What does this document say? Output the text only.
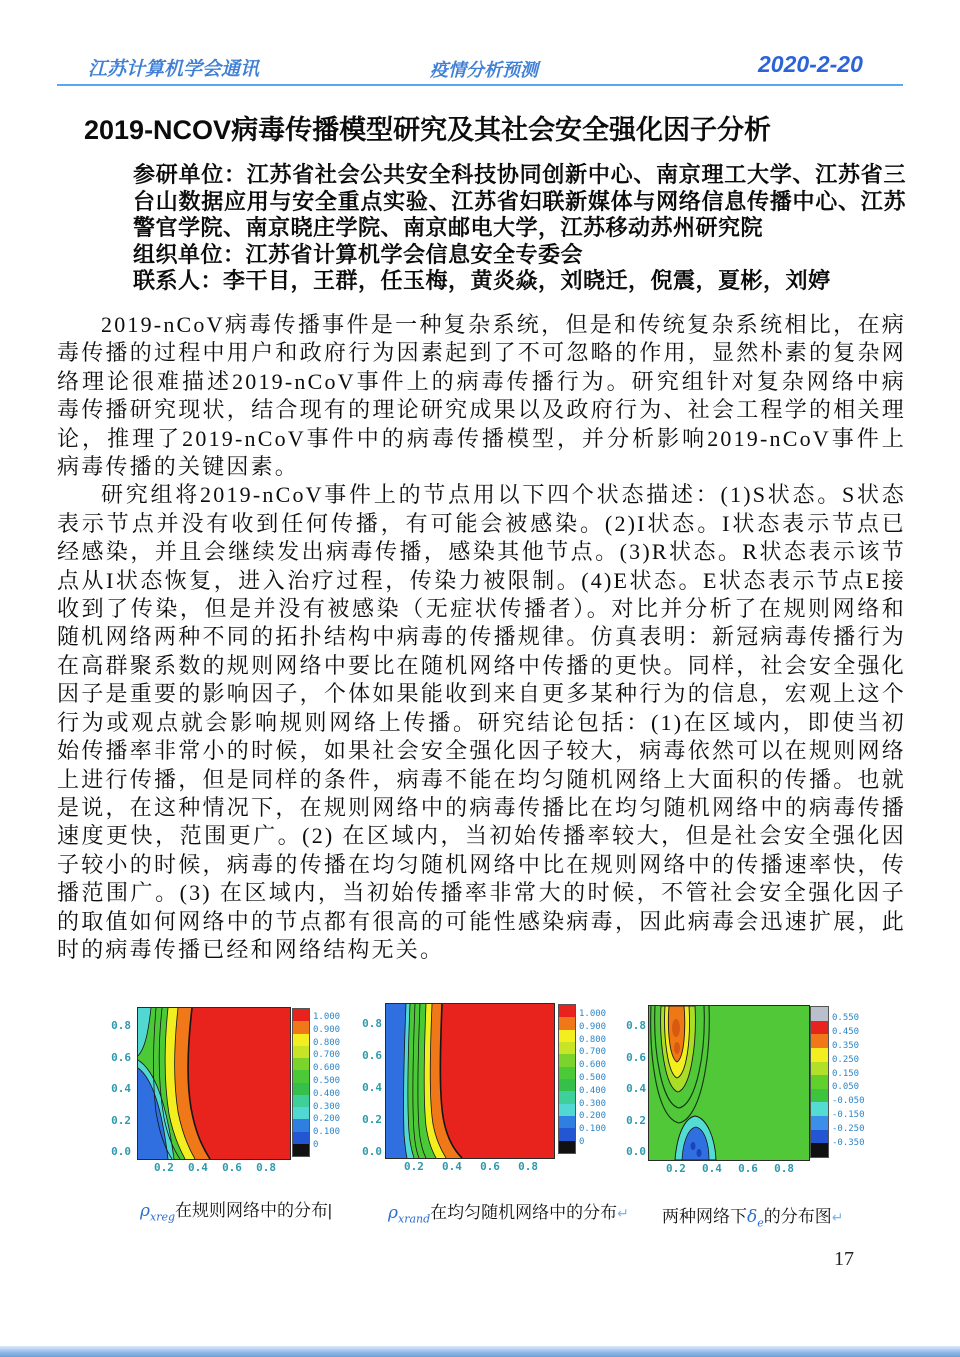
江苏计算机学会通讯	疫情分析预测	2020-2-20
2019-NCOV病毒传播模型研究及其社会安全强化因子分析

参研单位：江苏省社会公共安全科技协同创新中心、南京理工大学、江苏省三台山数据应用与安全重点实验、江苏省妇联新媒体与网络信息传播中心、江苏警官学院、南京晓庄学院、南京邮电大学，江苏移动苏州研究院

组织单位：江苏省计算机学会信息安全专委会

联系人：李干目，王群，任玉梅，黄炎焱，刘晓迁，倪震，夏彬，刘婷

2019-nCoV病毒传播事件是一种复杂系统，但是和传统复杂系统相比，在病毒传播的过程中用户和政府行为因素起到了不可忽略的作用，显然朴素的复杂网络理论很难描述2019-nCoV事件上的病毒传播行为。研究组针对复杂网络中病毒传播研究现状，结合现有的理论研究成果以及政府行为、社会工程学的相关理论，推理了2019-nCoV事件中的病毒传播模型，并分析影响2019-nCoV事件上病毒传播的关键因素。

研究组将2019-nCoV事件上的节点用以下四个状态描述：(1)S状态。S状态表示节点并没有收到任何传播，有可能会被感染。(2)I状态。I状态表示节点已经感染，并且会继续发出病毒传播，感染其他节点。(3)R状态。R状态表示该节点从I状态恢复，进入治疗过程，传染力被限制。(4)E状态。E状态表示节点E接收到了传染，但是并没有被感染（无症状传播者）。对比并分析了在规则网络和随机网络两种不同的拓扑结构中病毒的传播规律。仿真表明：新冠病毒传播行为在高群聚系数的规则网络中要比在随机网络中传播的更快。同样，社会安全强化因子是重要的影响因子，个体如果能收到来自更多某种行为的信息，宏观上这个行为或观点就会影响规则网络上传播。研究结论包括：(1)在区域内，即使当初始传播率非常小的时候，如果社会安全强化因子较大，病毒依然可以在规则网络上进行传播，但是同样的条件，病毒不能在均匀随机网络上大面积的传播。也就是说，在这种情况下，在规则网络中的病毒传播比在均匀随机网络中的病毒传播速度更快，范围更广。(2) 在区域内，当初始传播率较大，但是社会安全强化因子较小的时候，病毒的传播在均匀随机网络中比在规则网络中的传播速率快，传播范围广。(3) 在区域内，当初始传播率非常大的时候，不管社会安全强化因子的取值如何网络中的节点都有很高的可能性感染病毒，因此病毒会迅速扩展，此时的病毒传播已经和网络结构无关。

0.8
0.6
0.4
0.2
0.0
0.2 0.4 0.6 0.8
1.000
0.900
0.800
0.700
0.600
0.500
0.400
0.300
0.200
0.100
0
$\rho_{xreg}$在规则网络中的分布|
0.8
0.6
0.4
0.2
0.0
0.2 0.4 0.6 0.8
1.000
0.900
0.800
0.700
0.600
0.500
0.400
0.300
0.200
0.100
0
$\rho_{xrand}$在均匀随机网络中的分布↵
0.8
0.6
0.4
0.2
0.0
0.2 0.4 0.6 0.8
0.550
0.450
0.350
0.250
0.150
0.050
-0.050
-0.150
-0.250
-0.350
两种网络下$\delta_e$的分布图↵
17
